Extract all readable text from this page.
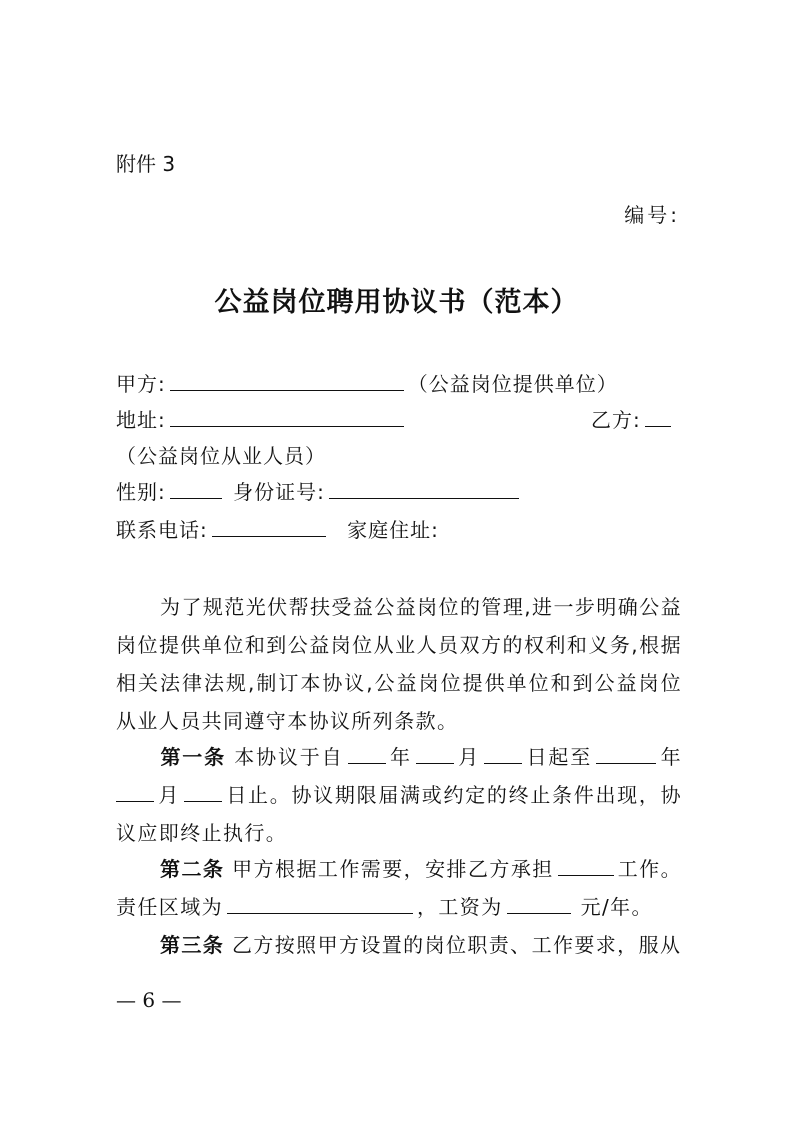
附件 3
编号:
公益岗位聘用协议书（范本）
甲方:	（公益岗位提供单位）
地址:	乙方:
（公益岗位从业人员）
性别:	身份证号:
联系电话:	家庭住址:
为了规范光伏帮扶受益公益岗位的管理,进一步明确公益岗位提供单位和到公益岗位从业人员双方的权利和义务,根据相关法律法规,制订本协议,公益岗位提供单位和到公益岗位从业人员共同遵守本协议所列条款。
第一条 本协议于自 年 月 日起至	年月 日止。协议期限届满或约定的终止条件出现，协议应即终止执行。
第二条 甲方根据工作需要，安排乙方承担	工作。责任区域为	，工资为	元/年。
第三条 乙方按照甲方设置的岗位职责、工作要求，服从
— 6 —
